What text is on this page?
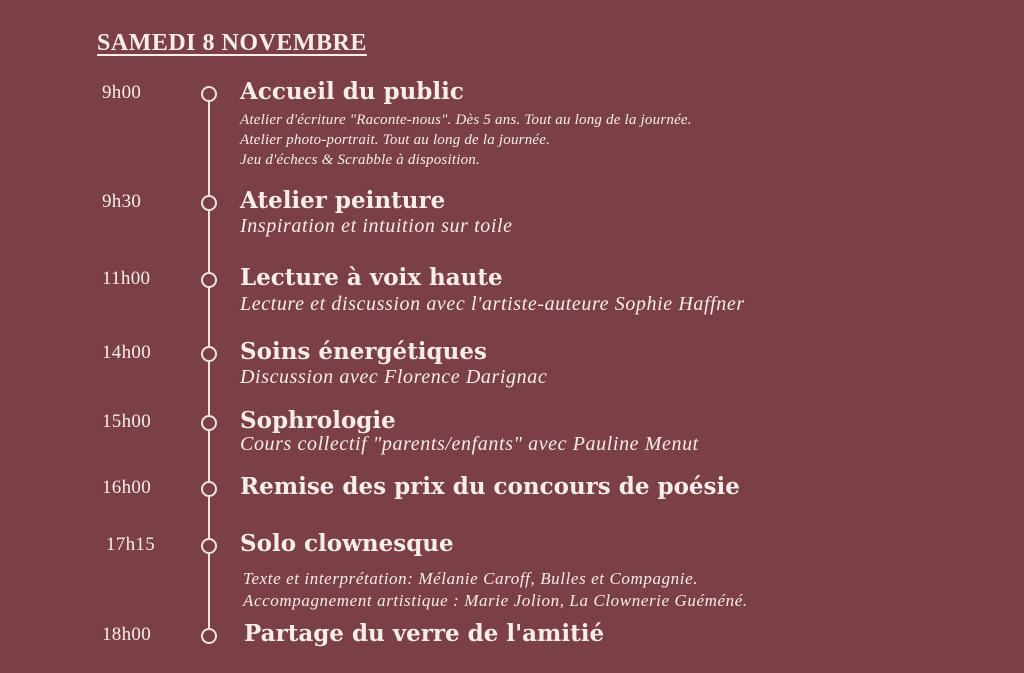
SAMEDI 8 NOVEMBRE
9h00	Accueil du public
Atelier d'écriture "Raconte-nous". Dès 5 ans. Tout au long de la journée.
Atelier photo-portrait. Tout au long de la journée.
Jeu d'échecs & Scrabble à disposition.
9h30	Atelier peinture
Inspiration et intuition sur toile
11h00	Lecture à voix haute
Lecture et discussion avec l'artiste-auteure Sophie Haffner
14h00	Soins énergétiques
Discussion avec Florence Darignac
15h00	Sophrologie
Cours collectif "parents/enfants" avec Pauline Menut
16h00	Remise des prix du concours de poésie
17h15	Solo clownesque
Texte et interprétation: Mélanie Caroff, Bulles et Compagnie.
Accompagnement artistique : Marie Jolion, La Clownerie Guéméné.
18h00	Partage du verre de l'amitié
